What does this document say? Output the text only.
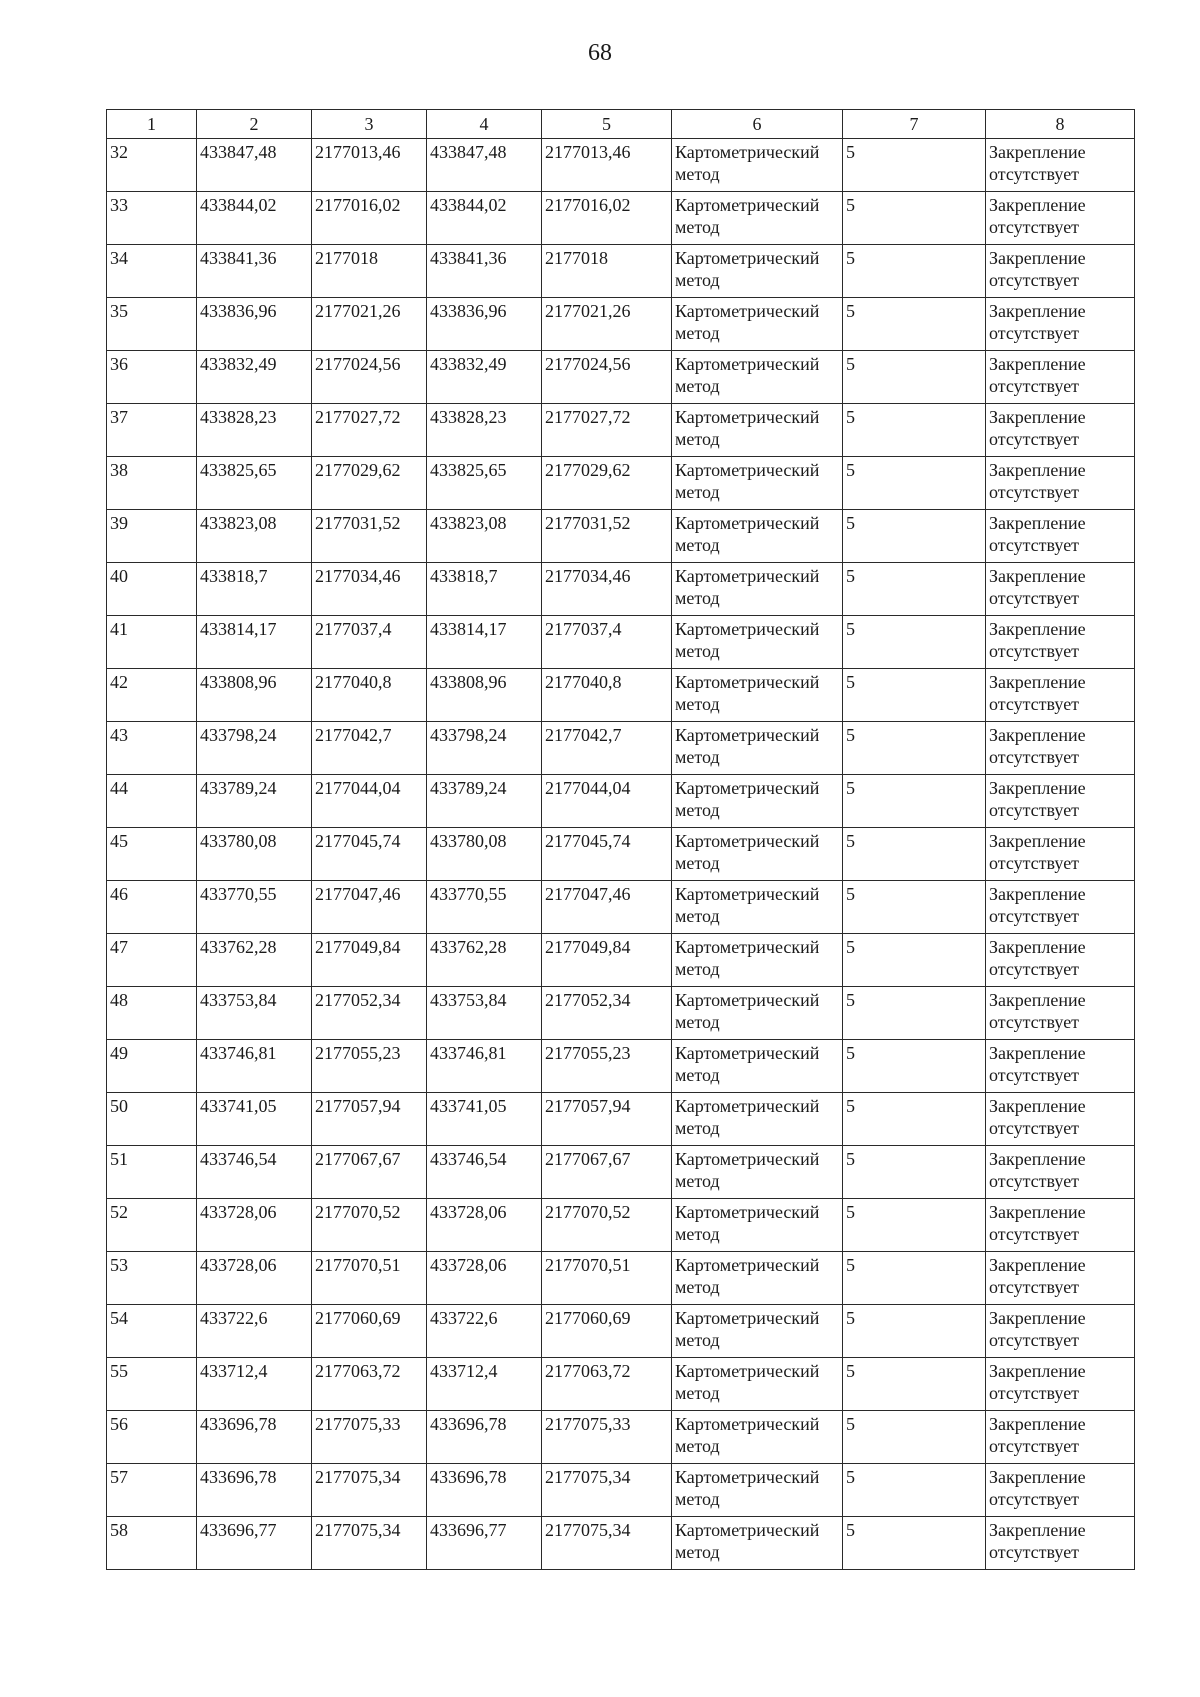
68
1	2	3	4	5	6	7	8
32	433847,48	2177013,46	433847,48	2177013,46	Картометрический метод	5	Закрепление отсутствует
33	433844,02	2177016,02	433844,02	2177016,02	Картометрический метод	5	Закрепление отсутствует
34	433841,36	2177018	433841,36	2177018	Картометрический метод	5	Закрепление отсутствует
35	433836,96	2177021,26	433836,96	2177021,26	Картометрический метод	5	Закрепление отсутствует
36	433832,49	2177024,56	433832,49	2177024,56	Картометрический метод	5	Закрепление отсутствует
37	433828,23	2177027,72	433828,23	2177027,72	Картометрический метод	5	Закрепление отсутствует
38	433825,65	2177029,62	433825,65	2177029,62	Картометрический метод	5	Закрепление отсутствует
39	433823,08	2177031,52	433823,08	2177031,52	Картометрический метод	5	Закрепление отсутствует
40	433818,7	2177034,46	433818,7	2177034,46	Картометрический метод	5	Закрепление отсутствует
41	433814,17	2177037,4	433814,17	2177037,4	Картометрический метод	5	Закрепление отсутствует
42	433808,96	2177040,8	433808,96	2177040,8	Картометрический метод	5	Закрепление отсутствует
43	433798,24	2177042,7	433798,24	2177042,7	Картометрический метод	5	Закрепление отсутствует
44	433789,24	2177044,04	433789,24	2177044,04	Картометрический метод	5	Закрепление отсутствует
45	433780,08	2177045,74	433780,08	2177045,74	Картометрический метод	5	Закрепление отсутствует
46	433770,55	2177047,46	433770,55	2177047,46	Картометрический метод	5	Закрепление отсутствует
47	433762,28	2177049,84	433762,28	2177049,84	Картометрический метод	5	Закрепление отсутствует
48	433753,84	2177052,34	433753,84	2177052,34	Картометрический метод	5	Закрепление отсутствует
49	433746,81	2177055,23	433746,81	2177055,23	Картометрический метод	5	Закрепление отсутствует
50	433741,05	2177057,94	433741,05	2177057,94	Картометрический метод	5	Закрепление отсутствует
51	433746,54	2177067,67	433746,54	2177067,67	Картометрический метод	5	Закрепление отсутствует
52	433728,06	2177070,52	433728,06	2177070,52	Картометрический метод	5	Закрепление отсутствует
53	433728,06	2177070,51	433728,06	2177070,51	Картометрический метод	5	Закрепление отсутствует
54	433722,6	2177060,69	433722,6	2177060,69	Картометрический метод	5	Закрепление отсутствует
55	433712,4	2177063,72	433712,4	2177063,72	Картометрический метод	5	Закрепление отсутствует
56	433696,78	2177075,33	433696,78	2177075,33	Картометрический метод	5	Закрепление отсутствует
57	433696,78	2177075,34	433696,78	2177075,34	Картометрический метод	5	Закрепление отсутствует
58	433696,77	2177075,34	433696,77	2177075,34	Картометрический метод	5	Закрепление отсутствует
